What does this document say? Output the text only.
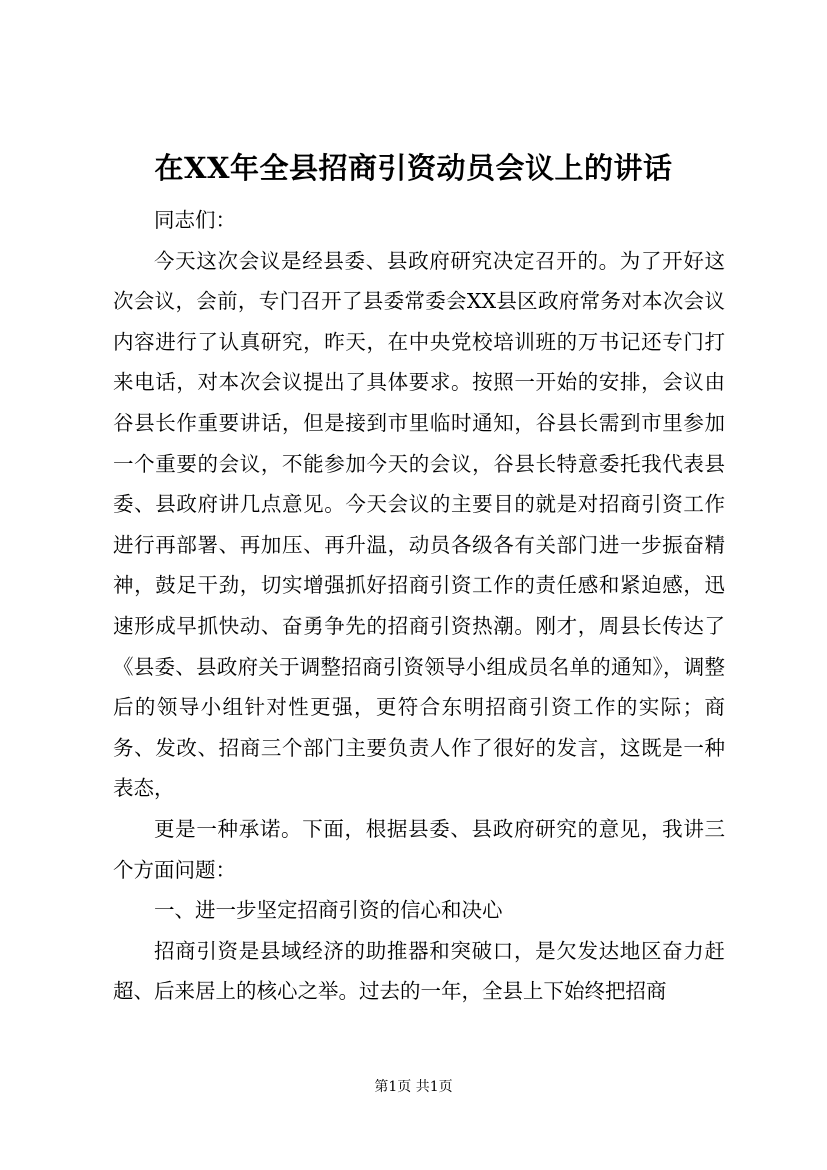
在XX年全县招商引资动员会议上的讲话

同志们：

今天这次会议是经县委、县政府研究决定召开的。为了开好这次会议，会前，专门召开了县委常委会XX县区政府常务对本次会议内容进行了认真研究，昨天，在中央党校培训班的万书记还专门打来电话，对本次会议提出了具体要求。按照一开始的安排，会议由谷县长作重要讲话，但是接到市里临时通知，谷县长需到市里参加一个重要的会议，不能参加今天的会议，谷县长特意委托我代表县委、县政府讲几点意见。今天会议的主要目的就是对招商引资工作进行再部署、再加压、再升温，动员各级各有关部门进一步振奋精神，鼓足干劲，切实增强抓好招商引资工作的责任感和紧迫感，迅速形成早抓快动、奋勇争先的招商引资热潮。刚才，周县长传达了《县委、县政府关于调整招商引资领导小组成员名单的通知》，调整后的领导小组针对性更强，更符合东明招商引资工作的实际；商务、发改、招商三个部门主要负责人作了很好的发言，这既是一种表态，

更是一种承诺。下面，根据县委、县政府研究的意见，我讲三个方面问题：

一、进一步坚定招商引资的信心和决心

招商引资是县域经济的助推器和突破口，是欠发达地区奋力赶超、后来居上的核心之举。过去的一年，全县上下始终把招商

第1页 共1页
